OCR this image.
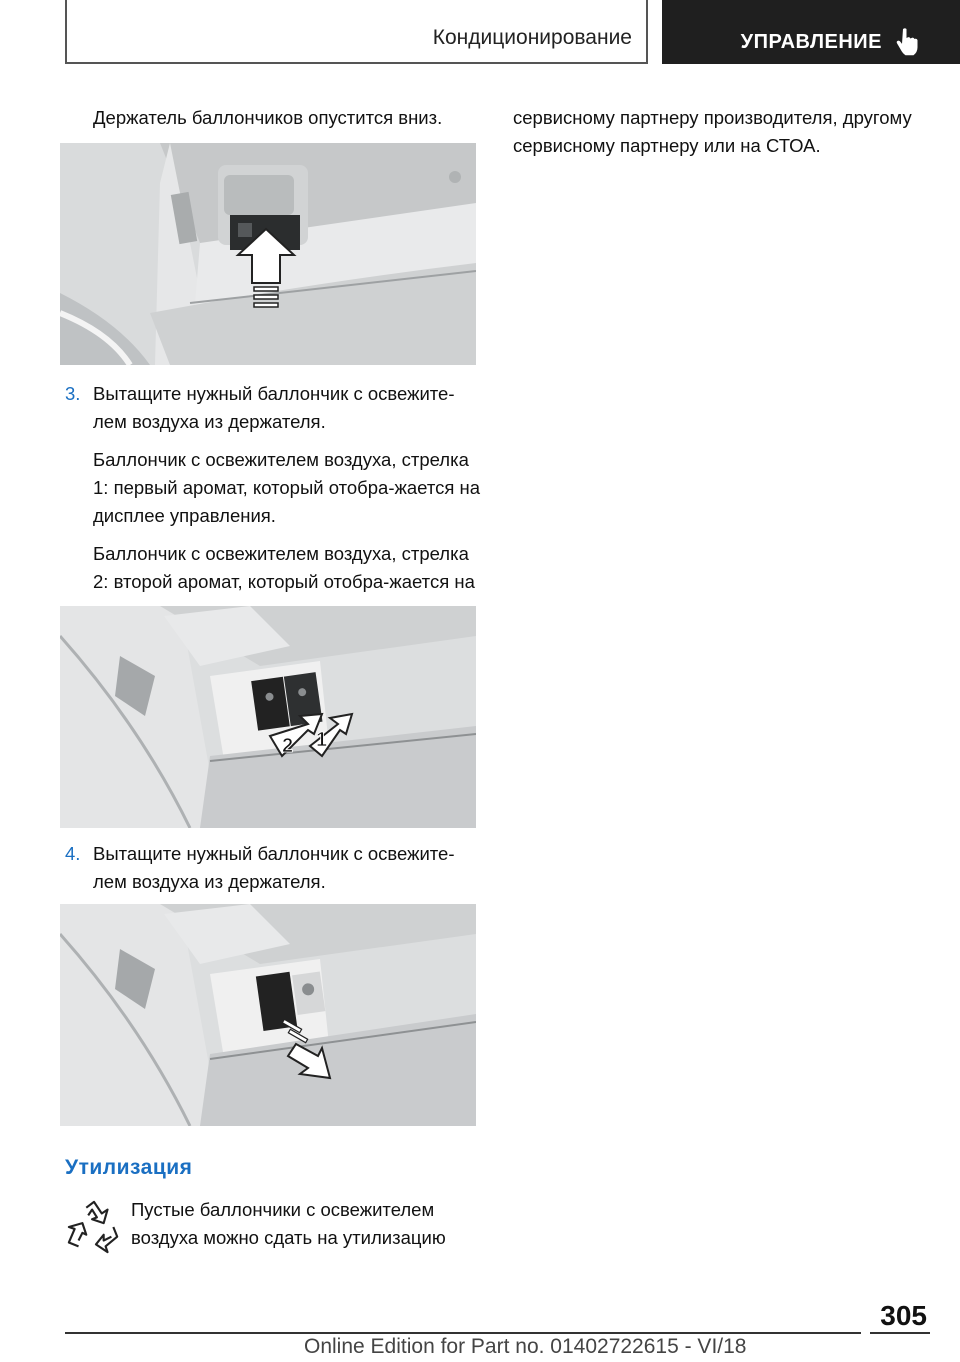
Кондиционирование	УПРАВЛЕНИЕ

Держатель баллончиков опустится вниз.

3. Вытащите нужный баллончик с освежите-лем воздуха из держателя.

Баллончик с освежителем воздуха, стрелка 1: первый аромат, который отобра-жается на дисплее управления.

Баллончик с освежителем воздуха, стрелка 2: второй аромат, который отобра-жается на

2 1
4. Вытащите нужный баллончик с освежите-лем воздуха из держателя.

сервисному партнеру производителя, другому сервисному партнеру или на СТОА.

Утилизация
Пустые баллончики с освежителем воздуха можно сдать на утилизацию
305
Online Edition for Part no. 01402722615 - VI/18
